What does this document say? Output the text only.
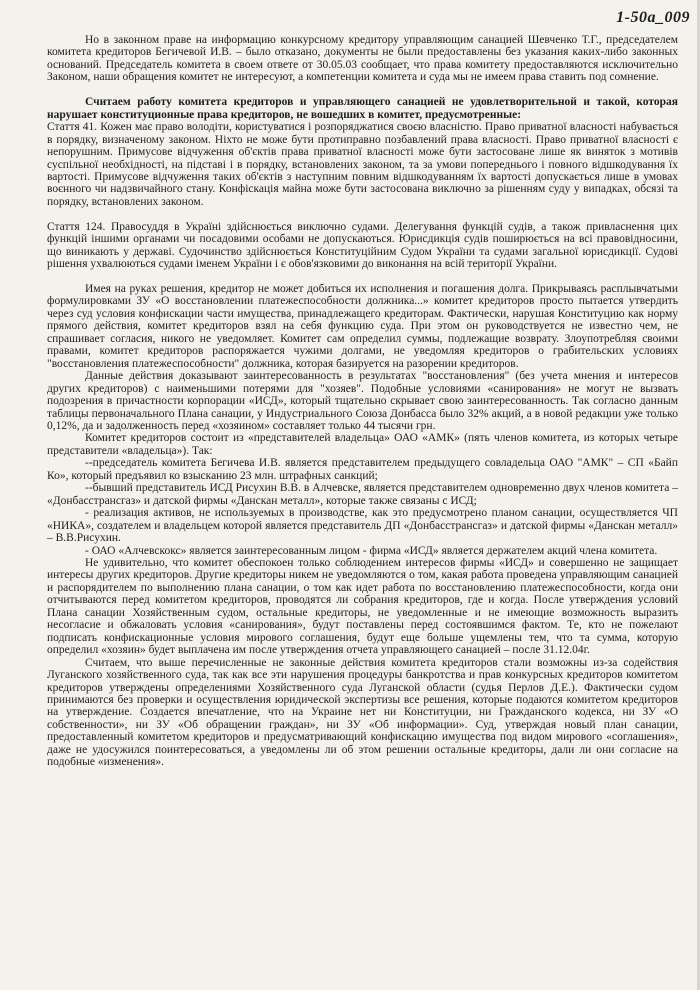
1-50а_009

Но в законном праве на информацию конкурсному кредитору управляющим санацией Шевченко Т.Г., председателем комитета кредиторов Бегичевой И.В. – было отказано, документы не были предоставлены без указания каких-либо законных оснований. Председатель комитета в своем ответе от 30.05.03 сообщает, что права комитету предоставляются исключительно Законом, наши обращения комитет не интересуют, а компетенции комитета и суда мы не имеем права ставить под сомнение.

Считаем работу комитета кредиторов и управляющего санацией не удовлетворительной и такой, которая нарушает конституционные права кредиторов, не вошедших в комитет, предусмотренные:

Стаття 41. Кожен має право володіти, користуватися і розпоряджатися своєю власністю. Право приватної власності набувається в порядку, визначеному законом. Ніхто не може бути протиправно позбавлений права власності. Право приватної власності є непорушним. Примусове відчуження об'єктів права приватної власності може бути застосоване лише як виняток з мотивів суспільної необхідності, на підставі і в порядку, встановлених законом, та за умови попереднього і повного відшкодування їх вартості. Примусове відчуження таких об'єктів з наступним повним відшкодуванням їх вартості допускається лише в умовах воєнного чи надзвичайного стану. Конфіскація майна може бути застосована виключно за рішенням суду у випадках, обсязі та порядку, встановлених законом.

Стаття 124. Правосуддя в Україні здійснюється виключно судами. Делегування функцій судів, а також привласнення цих функцій іншими органами чи посадовими особами не допускаються. Юрисдикція судів поширюється на всі правовідносини, що виникають у державі. Судочинство здійснюється Конституційним Судом України та судами загальної юрисдикції. Судові рішення ухвалюються судами іменем України і є обов'язковими до виконання на всій території України.

Имея на руках решения, кредитор не может добиться их исполнения и погашения долга. Прикрываясь расплывчатыми формулировками ЗУ «О восстановлении платежеспособности должника...» комитет кредиторов просто пытается утвердить через суд условия конфискации части имущества, принадлежащего кредиторам. Фактически, нарушая Конституцию как норму прямого действия, комитет кредиторов взял на себя функцию суда. При этом он руководствуется не известно чем, не спрашивает согласия, никого не уведомляет. Комитет сам определил суммы, подлежащие возврату. Злоупотребляя своими правами, комитет кредиторов распоряжается чужими долгами, не уведомляя кредиторов о грабительских условиях "восстановления платежеспособности" должника, которая базируется на разорении кредиторов.

Данные действия доказывают заинтересованность в результатах "восстановления" (без учета мнения и интересов других кредиторов) с наименьшими потерями для "хозяев". Подобные условиями «санирования» не могут не вызвать подозрения в причастности корпорации «ИСД», который тщательно скрывает свою заинтересованность. Так согласно данным таблицы первоначального Плана санации, у Индустриального Союза Донбасса было 32% акций, а в новой редакции уже только 0,12%, да и задолженность перед «хозяином» составляет только 44 тысячи грн.

Комитет кредиторов состоит из «представителей владельца» ОАО «АМК» (пять членов комитета, из которых четыре представители «владельца»). Так:

--председатель комитета Бегичева И.В. является представителем предыдущего совладельца ОАО "АМК" – СП «Байп Ко», который предъявил ко взысканию 23 млн. штрафных санкций;

--бывший представитель ИСД Рисухин В.В. в Алчевске, является представителем одновременно двух членов комитета – «Донбасстрансгаз» и датской фирмы «Данскан металл», которые также связаны с ИСД;

- реализация активов, не используемых в производстве, как это предусмотрено планом санации, осуществляется ЧП «НИКА», создателем и владельцем которой является представитель ДП «Донбасстрансгаз» и датской фирмы «Данскан металл» – В.В.Рисухин.

- ОАО «Алчевскокс» является заинтересованным лицом - фирма «ИСД» является держателем акций члена комитета.

Не удивительно, что комитет обеспокоен только соблюдением интересов фирмы «ИСД» и совершенно не защищает интересы других кредиторов. Другие кредиторы никем не уведомляются о том, какая работа проведена управляющим санацией и распорядителем по выполнению плана санации, о том как идет работа по восстановлению платежеспособности, когда они отчитываются перед комитетом кредиторов, проводятся ли собрания кредиторов, где и когда. После утверждения условий Плана санации Хозяйственным судом, остальные кредиторы, не уведомленные и не имеющие возможность выразить несогласие и обжаловать условия «санирования», будут поставлены перед состоявшимся фактом. Те, кто не пожелают подписать конфискационные условия мирового соглашения, будут еще больше ущемлены тем, что та сумма, которую определил «хозяин» будет выплачена им после утверждения отчета управляющего санацией – после 31.12.04г.

Считаем, что выше перечисленные не законные действия комитета кредиторов стали возможны из-за содействия Луганского хозяйственного суда, так как все эти нарушения процедуры банкротства и прав конкурсных кредиторов комитетом кредиторов утверждены определениями Хозяйственного суда Луганской области (судья Перлов Д.Е.). Фактически судом принимаются без проверки и осуществления юридической экспертизы все решения, которые подаются комитетом кредиторов на утверждение. Создается впечатление, что на Украине нет ни Конституции, ни Гражданского кодекса, ни ЗУ «О собственности», ни ЗУ «Об обращении граждан», ни ЗУ «Об информации». Суд, утверждая новый план санации, предоставленный комитетом кредиторов и предусматривающий конфискацию имущества под видом мирового «соглашения», даже не удосужился поинтересоваться, а уведомлены ли об этом решении остальные кредиторы, дали ли они согласие на подобные «изменения».
